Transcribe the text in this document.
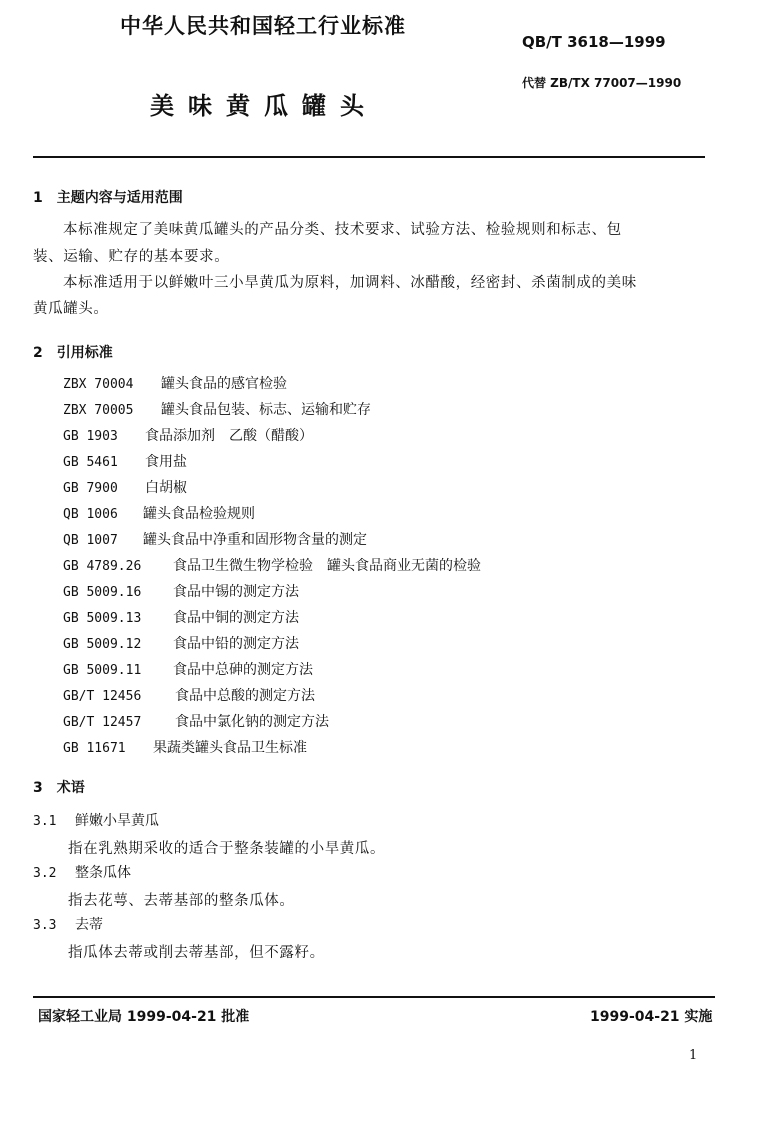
中华人民共和国轻工行业标准
QB/T 3618—1999
代替 ZB/TX 77007—1990
美味黄瓜罐头
1　主题内容与适用范围
本标准规定了美味黄瓜罐头的产品分类、技术要求、试验方法、检验规则和标志、包
装、运输、贮存的基本要求。
本标准适用于以鲜嫩叶三小旱黄瓜为原料，加调料、冰醋酸，经密封、杀菌制成的美味
黄瓜罐头。
2　引用标准
ZBX 70004 罐头食品的感官检验
ZBX 70005 罐头食品包装、标志、运输和贮存
GB 1903 食品添加剂　乙酸（醋酸）
GB 5461 食用盐
GB 7900 白胡椒
QB 1006 罐头食品检验规则
QB 1007 罐头食品中净重和固形物含量的测定
GB 4789.26 食品卫生微生物学检验　罐头食品商业无菌的检验
GB 5009.16 食品中锡的测定方法
GB 5009.13 食品中铜的测定方法
GB 5009.12 食品中铅的测定方法
GB 5009.11 食品中总砷的测定方法
GB/T 12456 食品中总酸的测定方法
GB/T 12457 食品中氯化钠的测定方法
GB 11671 果蔬类罐头食品卫生标准
3　术语
3.1 鲜嫩小旱黄瓜
指在乳熟期采收的适合于整条装罐的小旱黄瓜。
3.2 整条瓜体
指去花萼、去蒂基部的整条瓜体。
3.3 去蒂
指瓜体去蒂或削去蒂基部，但不露籽。
国家轻工业局 1999-04-21 批准	1999-04-21 实施
1
